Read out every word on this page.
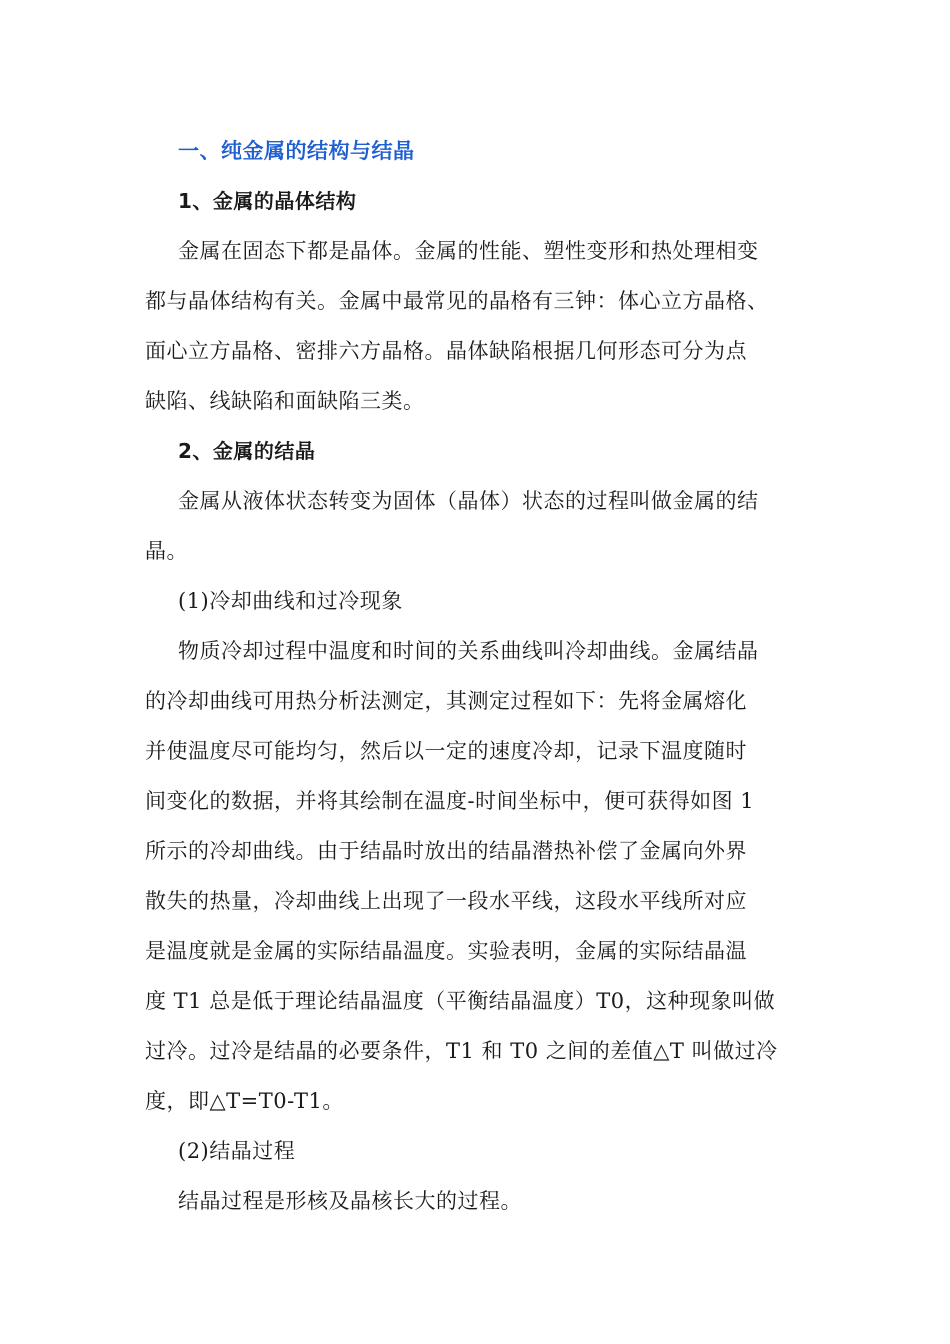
一、纯金属的结构与结晶
1、金属的晶体结构
金属在固态下都是晶体。金属的性能、塑性变形和热处理相变
都与晶体结构有关。金属中最常见的晶格有三钟：体心立方晶格、
面心立方晶格、密排六方晶格。晶体缺陷根据几何形态可分为点
缺陷、线缺陷和面缺陷三类。
2、金属的结晶
金属从液体状态转变为固体（晶体）状态的过程叫做金属的结
晶。
(1)冷却曲线和过冷现象
物质冷却过程中温度和时间的关系曲线叫冷却曲线。金属结晶
的冷却曲线可用热分析法测定，其测定过程如下：先将金属熔化
并使温度尽可能均匀，然后以一定的速度冷却，记录下温度随时
间变化的数据，并将其绘制在温度-时间坐标中，便可获得如图 1
所示的冷却曲线。由于结晶时放出的结晶潜热补偿了金属向外界
散失的热量，冷却曲线上出现了一段水平线，这段水平线所对应
是温度就是金属的实际结晶温度。实验表明，金属的实际结晶温
度 T1 总是低于理论结晶温度（平衡结晶温度）T0，这种现象叫做
过冷。过冷是结晶的必要条件，T1 和 T0 之间的差值△T 叫做过冷
度，即△T=T0-T1。
(2)结晶过程
结晶过程是形核及晶核长大的过程。
